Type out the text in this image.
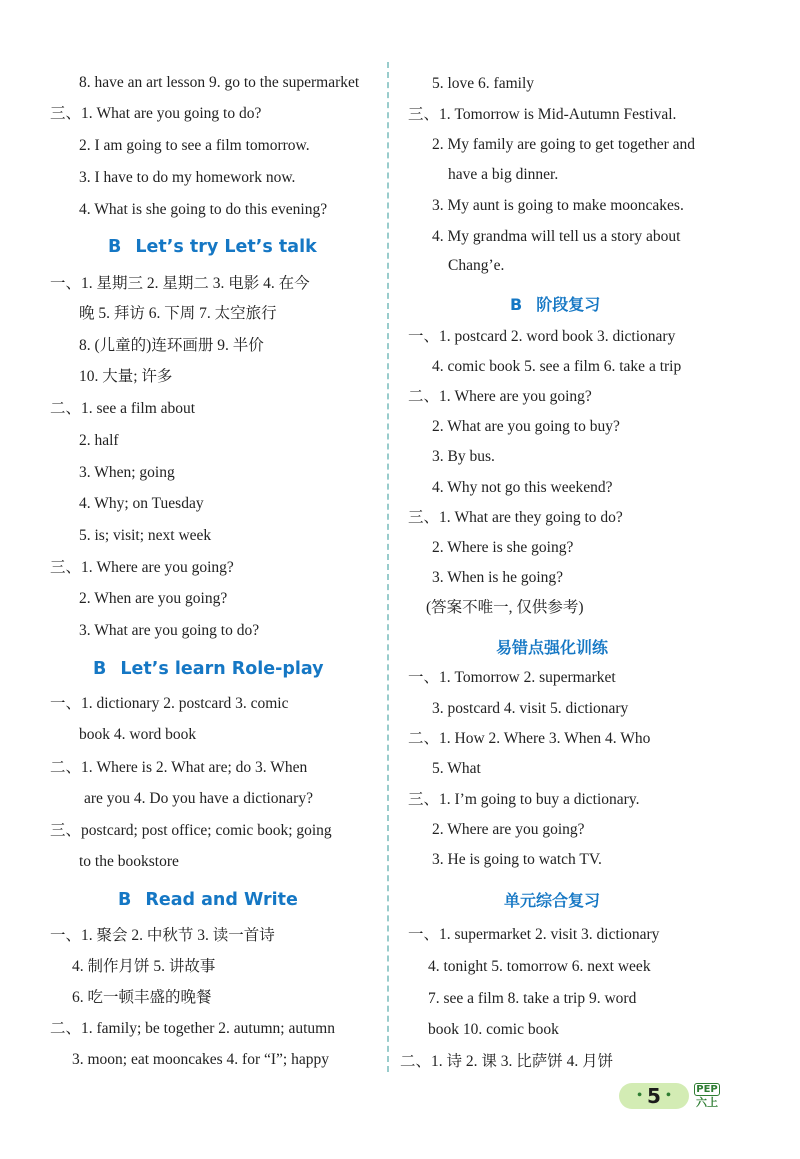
8. have an art lesson 9. go to the supermarket
三、1. What are you going to do?
2. I am going to see a film tomorrow.
3. I have to do my homework now.
4. What is she going to do this evening?
B Let’s try Let’s talk
一、1. 星期三 2. 星期二 3. 电影 4. 在今
晚 5. 拜访 6. 下周 7. 太空旅行
8. (儿童的)连环画册 9. 半价
10. 大量; 许多
二、1. see a film about
2. half
3. When; going
4. Why; on Tuesday
5. is; visit; next week
三、1. Where are you going?
2. When are you going?
3. What are you going to do?
B Let’s learn Role-play
一、1. dictionary 2. postcard 3. comic
book 4. word book
二、1. Where is 2. What are; do 3. When
are you 4. Do you have a dictionary?
三、postcard; post office; comic book; going
to the bookstore
B Read and Write
一、1. 聚会 2. 中秋节 3. 读一首诗
4. 制作月饼 5. 讲故事
6. 吃一顿丰盛的晚餐
二、1. family; be together 2. autumn; autumn
3. moon; eat mooncakes 4. for “I”; happy
5. love 6. family
三、1. Tomorrow is Mid-Autumn Festival.
2. My family are going to get together and
have a big dinner.
3. My aunt is going to make mooncakes.
4. My grandma will tell us a story about
Chang’e.
B 阶段复习
一、1. postcard 2. word book 3. dictionary
4. comic book 5. see a film 6. take a trip
二、1. Where are you going?
2. What are you going to buy?
3. By bus.
4. Why not go this weekend?
三、1. What are they going to do?
2. Where is she going?
3. When is he going?
(答案不唯一, 仅供参考)
易错点强化训练
一、1. Tomorrow 2. supermarket
3. postcard 4. visit 5. dictionary
二、1. How 2. Where 3. When 4. Who
5. What
三、1. I’m going to buy a dictionary.
2. Where are you going?
3. He is going to watch TV.
单元综合复习
一、1. supermarket 2. visit 3. dictionary
4. tonight 5. tomorrow 6. next week
7. see a film 8. take a trip 9. word
book 10. comic book
二、1. 诗 2. 课 3. 比萨饼 4. 月饼
• 5 •	PEP
六上
